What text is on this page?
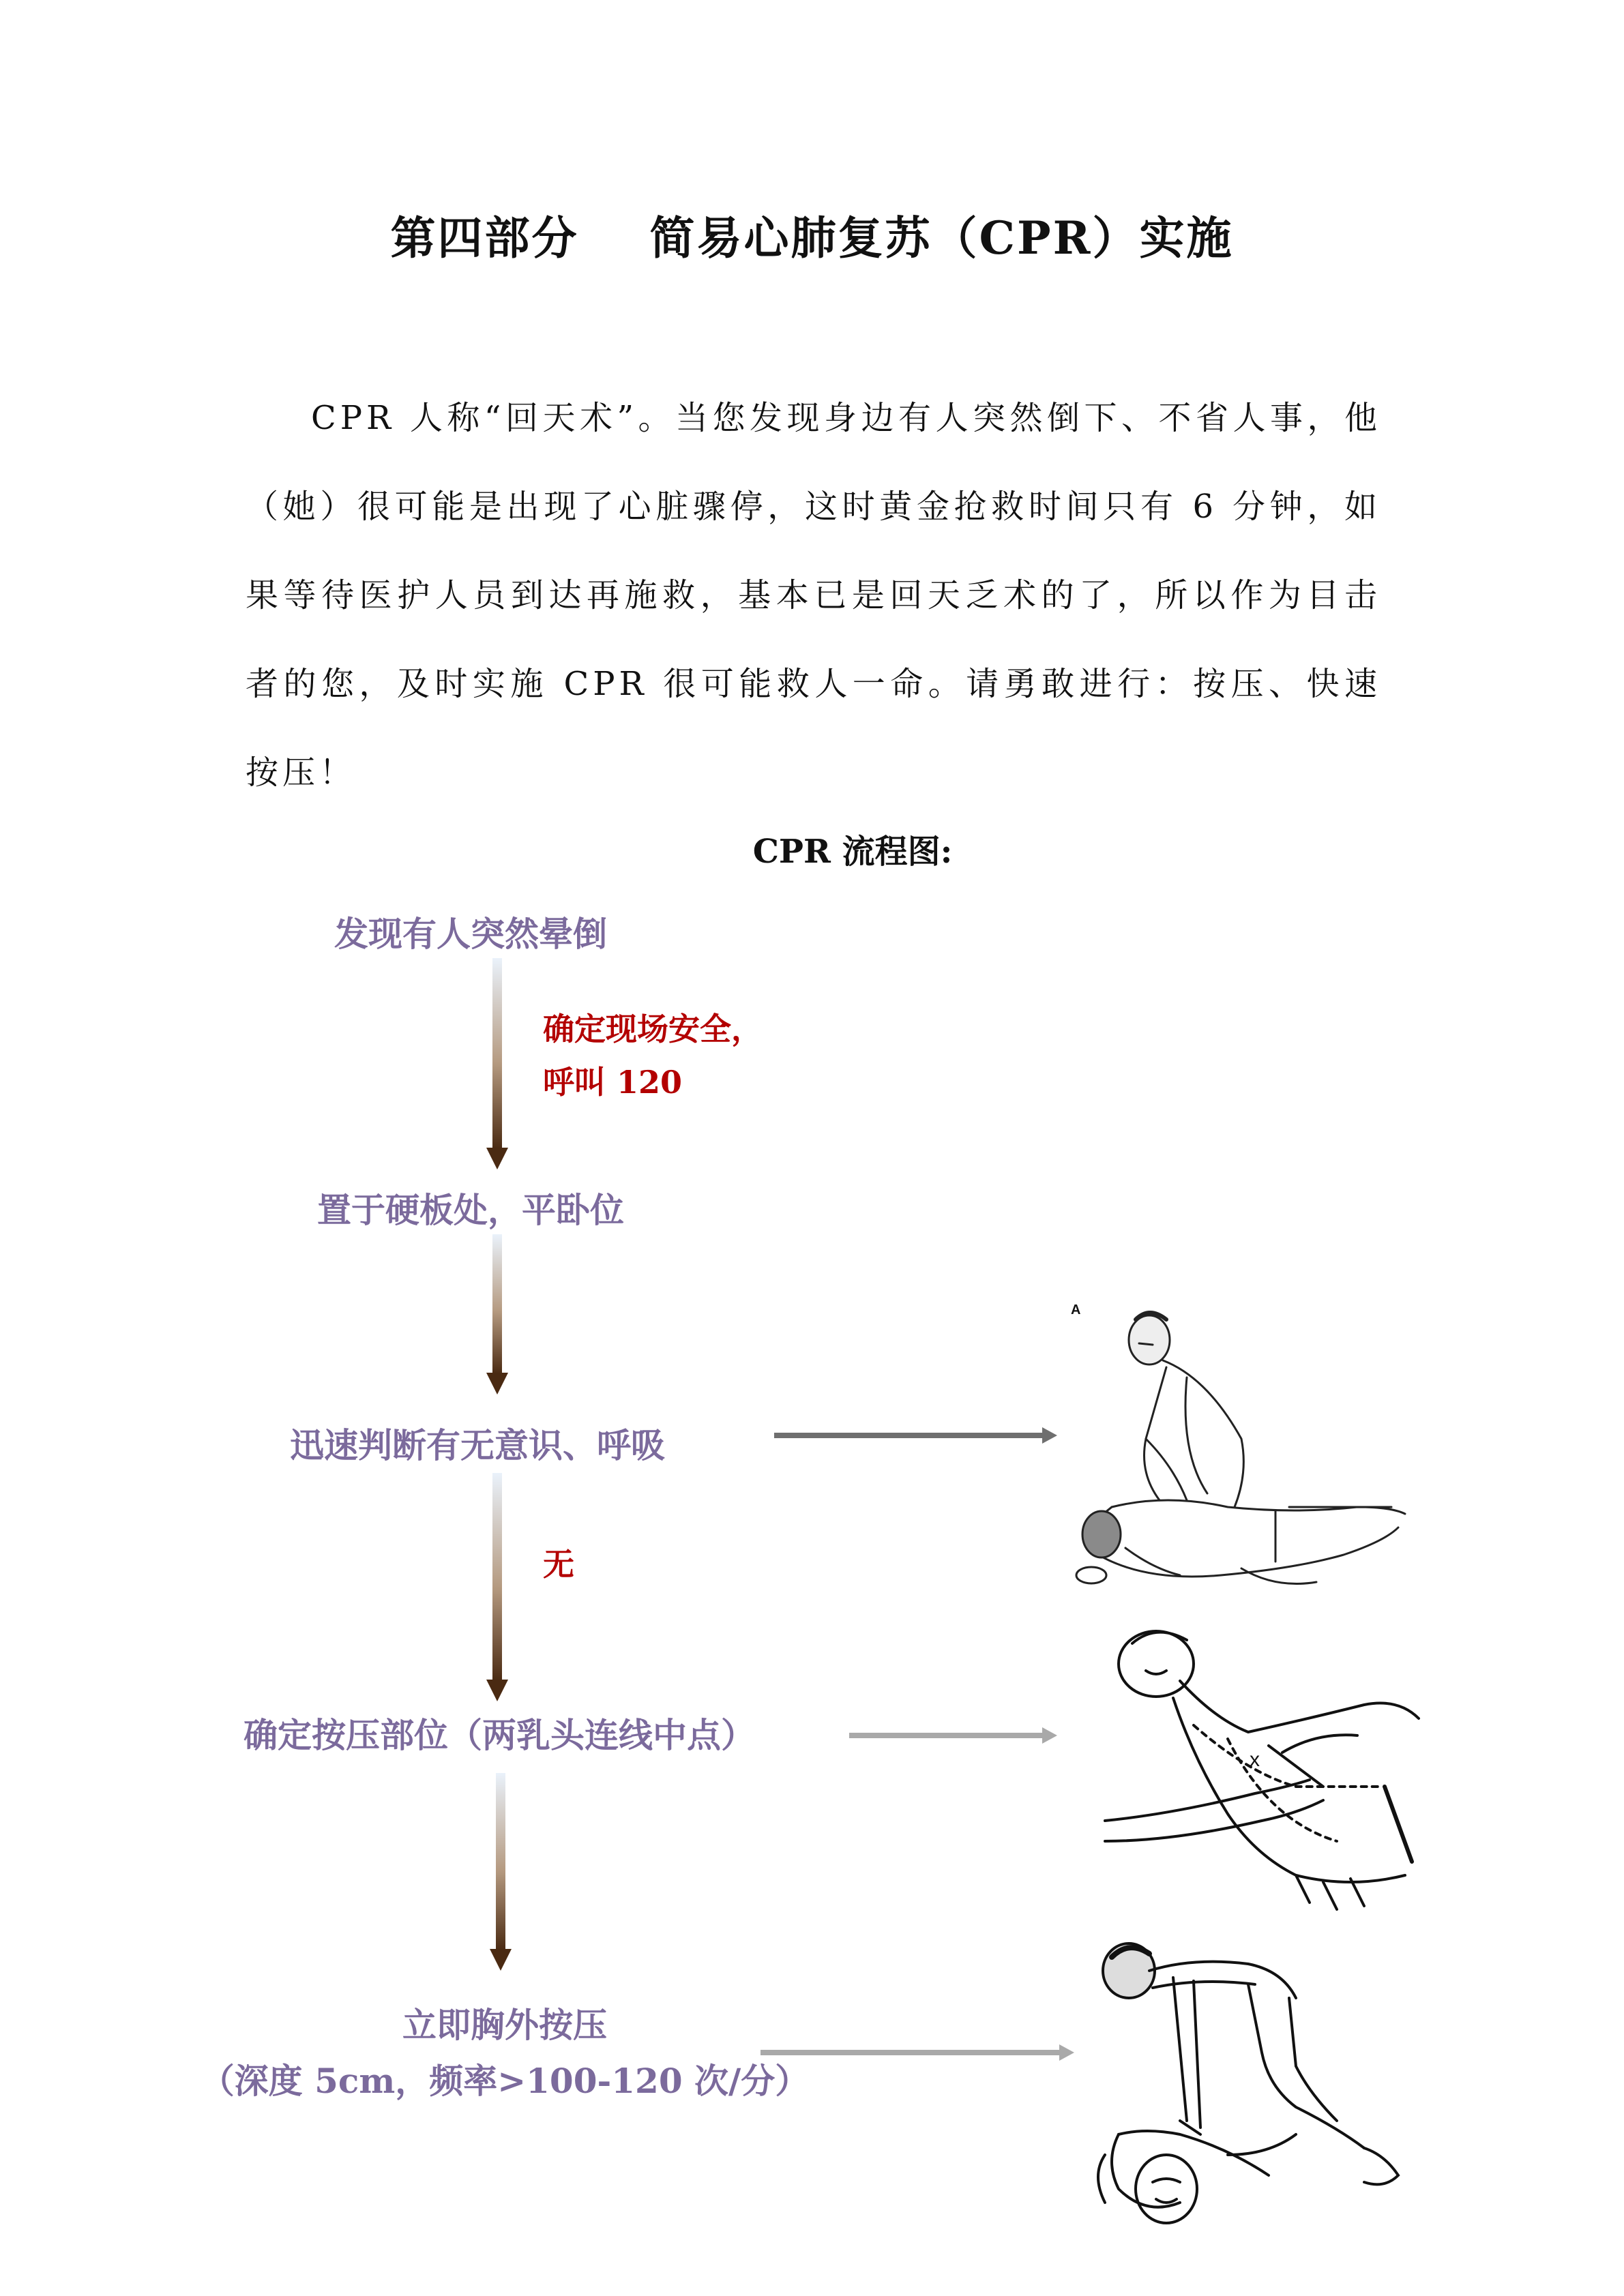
第四部分    简易心肺复苏（CPR）实施

CPR 人称“回天术”。当您发现身边有人突然倒下、不省人事，他（她）很可能是出现了心脏骤停，这时黄金抢救时间只有 6 分钟，如果等待医护人员到达再施救，基本已是回天乏术的了，所以作为目击者的您，及时实施 CPR 很可能救人一命。请勇敢进行：按压、快速按压！

CPR 流程图:
发现有人突然晕倒
确定现场安全，
呼叫 120
置于硬板处，平卧位
迅速判断有无意识、呼吸
无
确定按压部位（两乳头连线中点）
立即胸外按压
（深度 5cm，频率>100-120 次/分）
A
x
